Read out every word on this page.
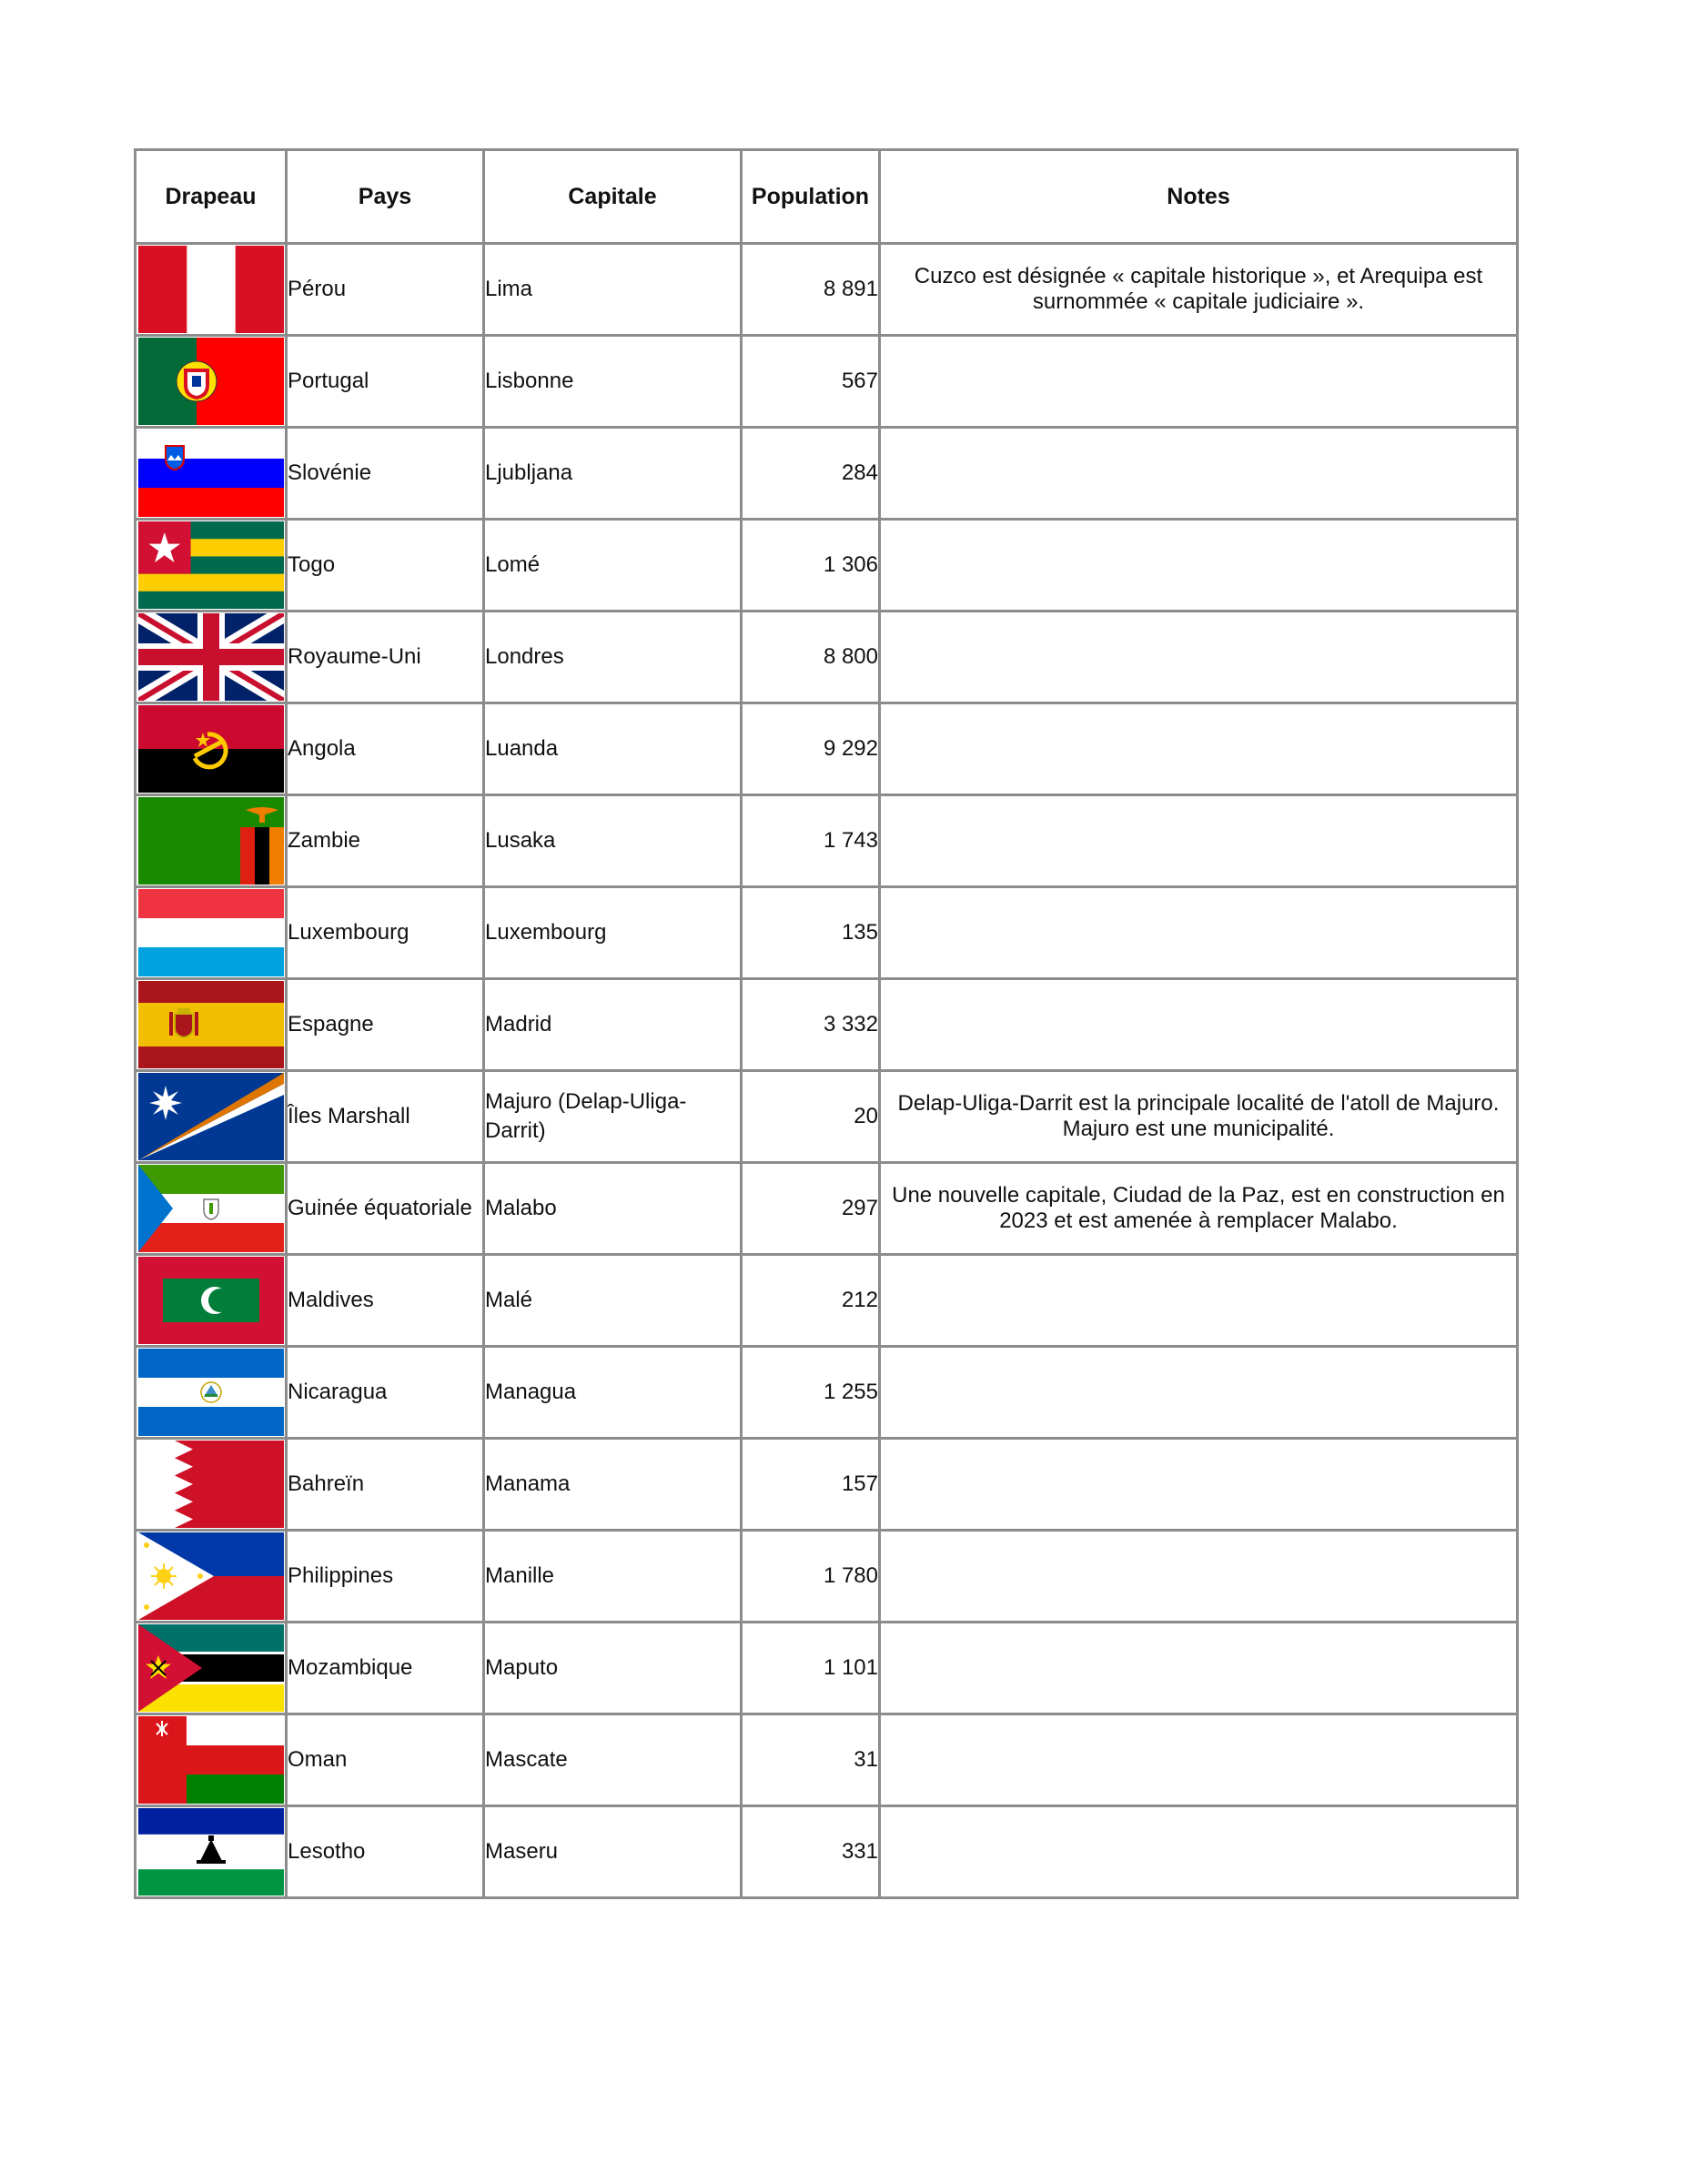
Drapeau	Pays	Capitale	Population	Notes

	Pérou	Lima	8 891	Cuzco est désignée « capitale historique », et Arequipa est surnommée « capitale judiciaire ».

	Portugal	Lisbonne	567	

	Slovénie	Ljubljana	284	

	Togo	Lomé	1 306	

	Royaume-Uni	Londres	8 800	

	Angola	Luanda	9 292	

	Zambie	Lusaka	1 743	

	Luxembourg	Luxembourg	135	

	Espagne	Madrid	3 332	

	Îles Marshall	Majuro (Delap-Uliga-Darrit)	20	Delap-Uliga-Darrit est la principale localité de l'atoll de Majuro. Majuro est une municipalité.

	Guinée équatoriale	Malabo	297	Une nouvelle capitale, Ciudad de la Paz, est en construction en 2023 et est amenée à remplacer Malabo.

	Maldives	Malé	212	

	Nicaragua	Managua	1 255	

	Bahreïn	Manama	157	

	Philippines	Manille	1 780	

	Mozambique	Maputo	1 101	

	Oman	Mascate	31	

	Lesotho	Maseru	331	
